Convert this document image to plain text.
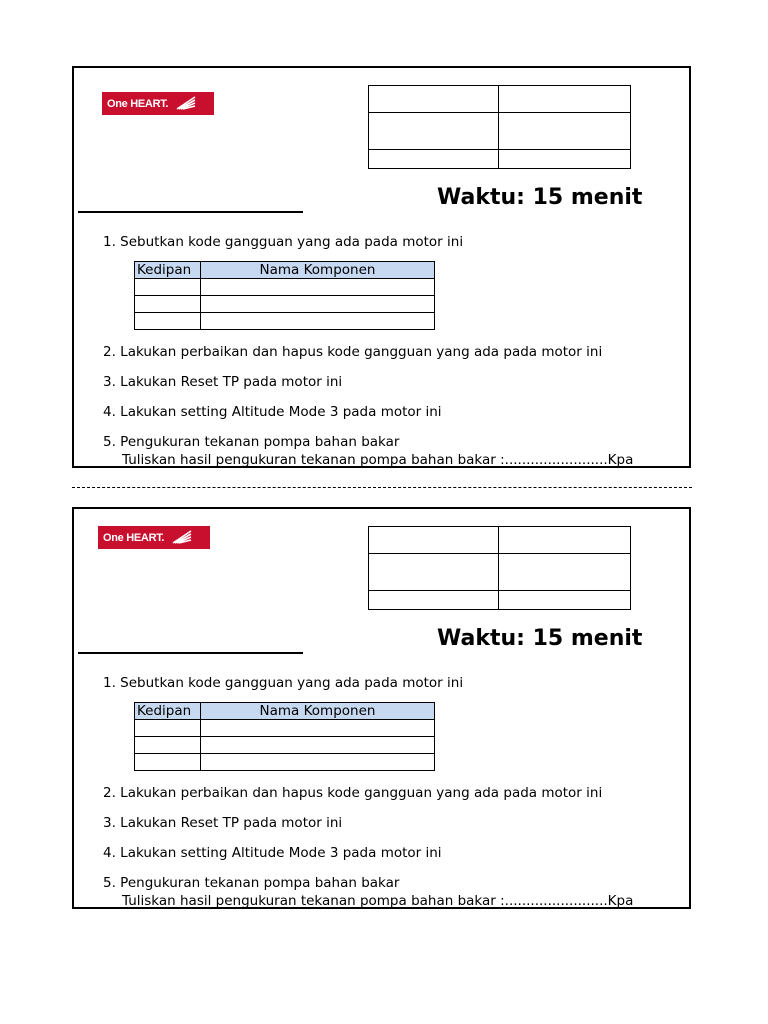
One HEART.

Waktu: 15 menit
1. Sebutkan kode gangguan yang ada pada motor ini
Kedipan	Nama Komponen

2. Lakukan perbaikan dan hapus kode gangguan yang ada pada motor ini
3. Lakukan Reset TP pada motor ini
4. Lakukan setting Altitude Mode 3 pada motor ini
5. Pengukuran tekanan pompa bahan bakar
Tuliskan hasil pengukuran tekanan pompa bahan bakar :........................Kpa
One HEART.

Waktu: 15 menit
1. Sebutkan kode gangguan yang ada pada motor ini
Kedipan	Nama Komponen

2. Lakukan perbaikan dan hapus kode gangguan yang ada pada motor ini
3. Lakukan Reset TP pada motor ini
4. Lakukan setting Altitude Mode 3 pada motor ini
5. Pengukuran tekanan pompa bahan bakar
Tuliskan hasil pengukuran tekanan pompa bahan bakar :........................Kpa
